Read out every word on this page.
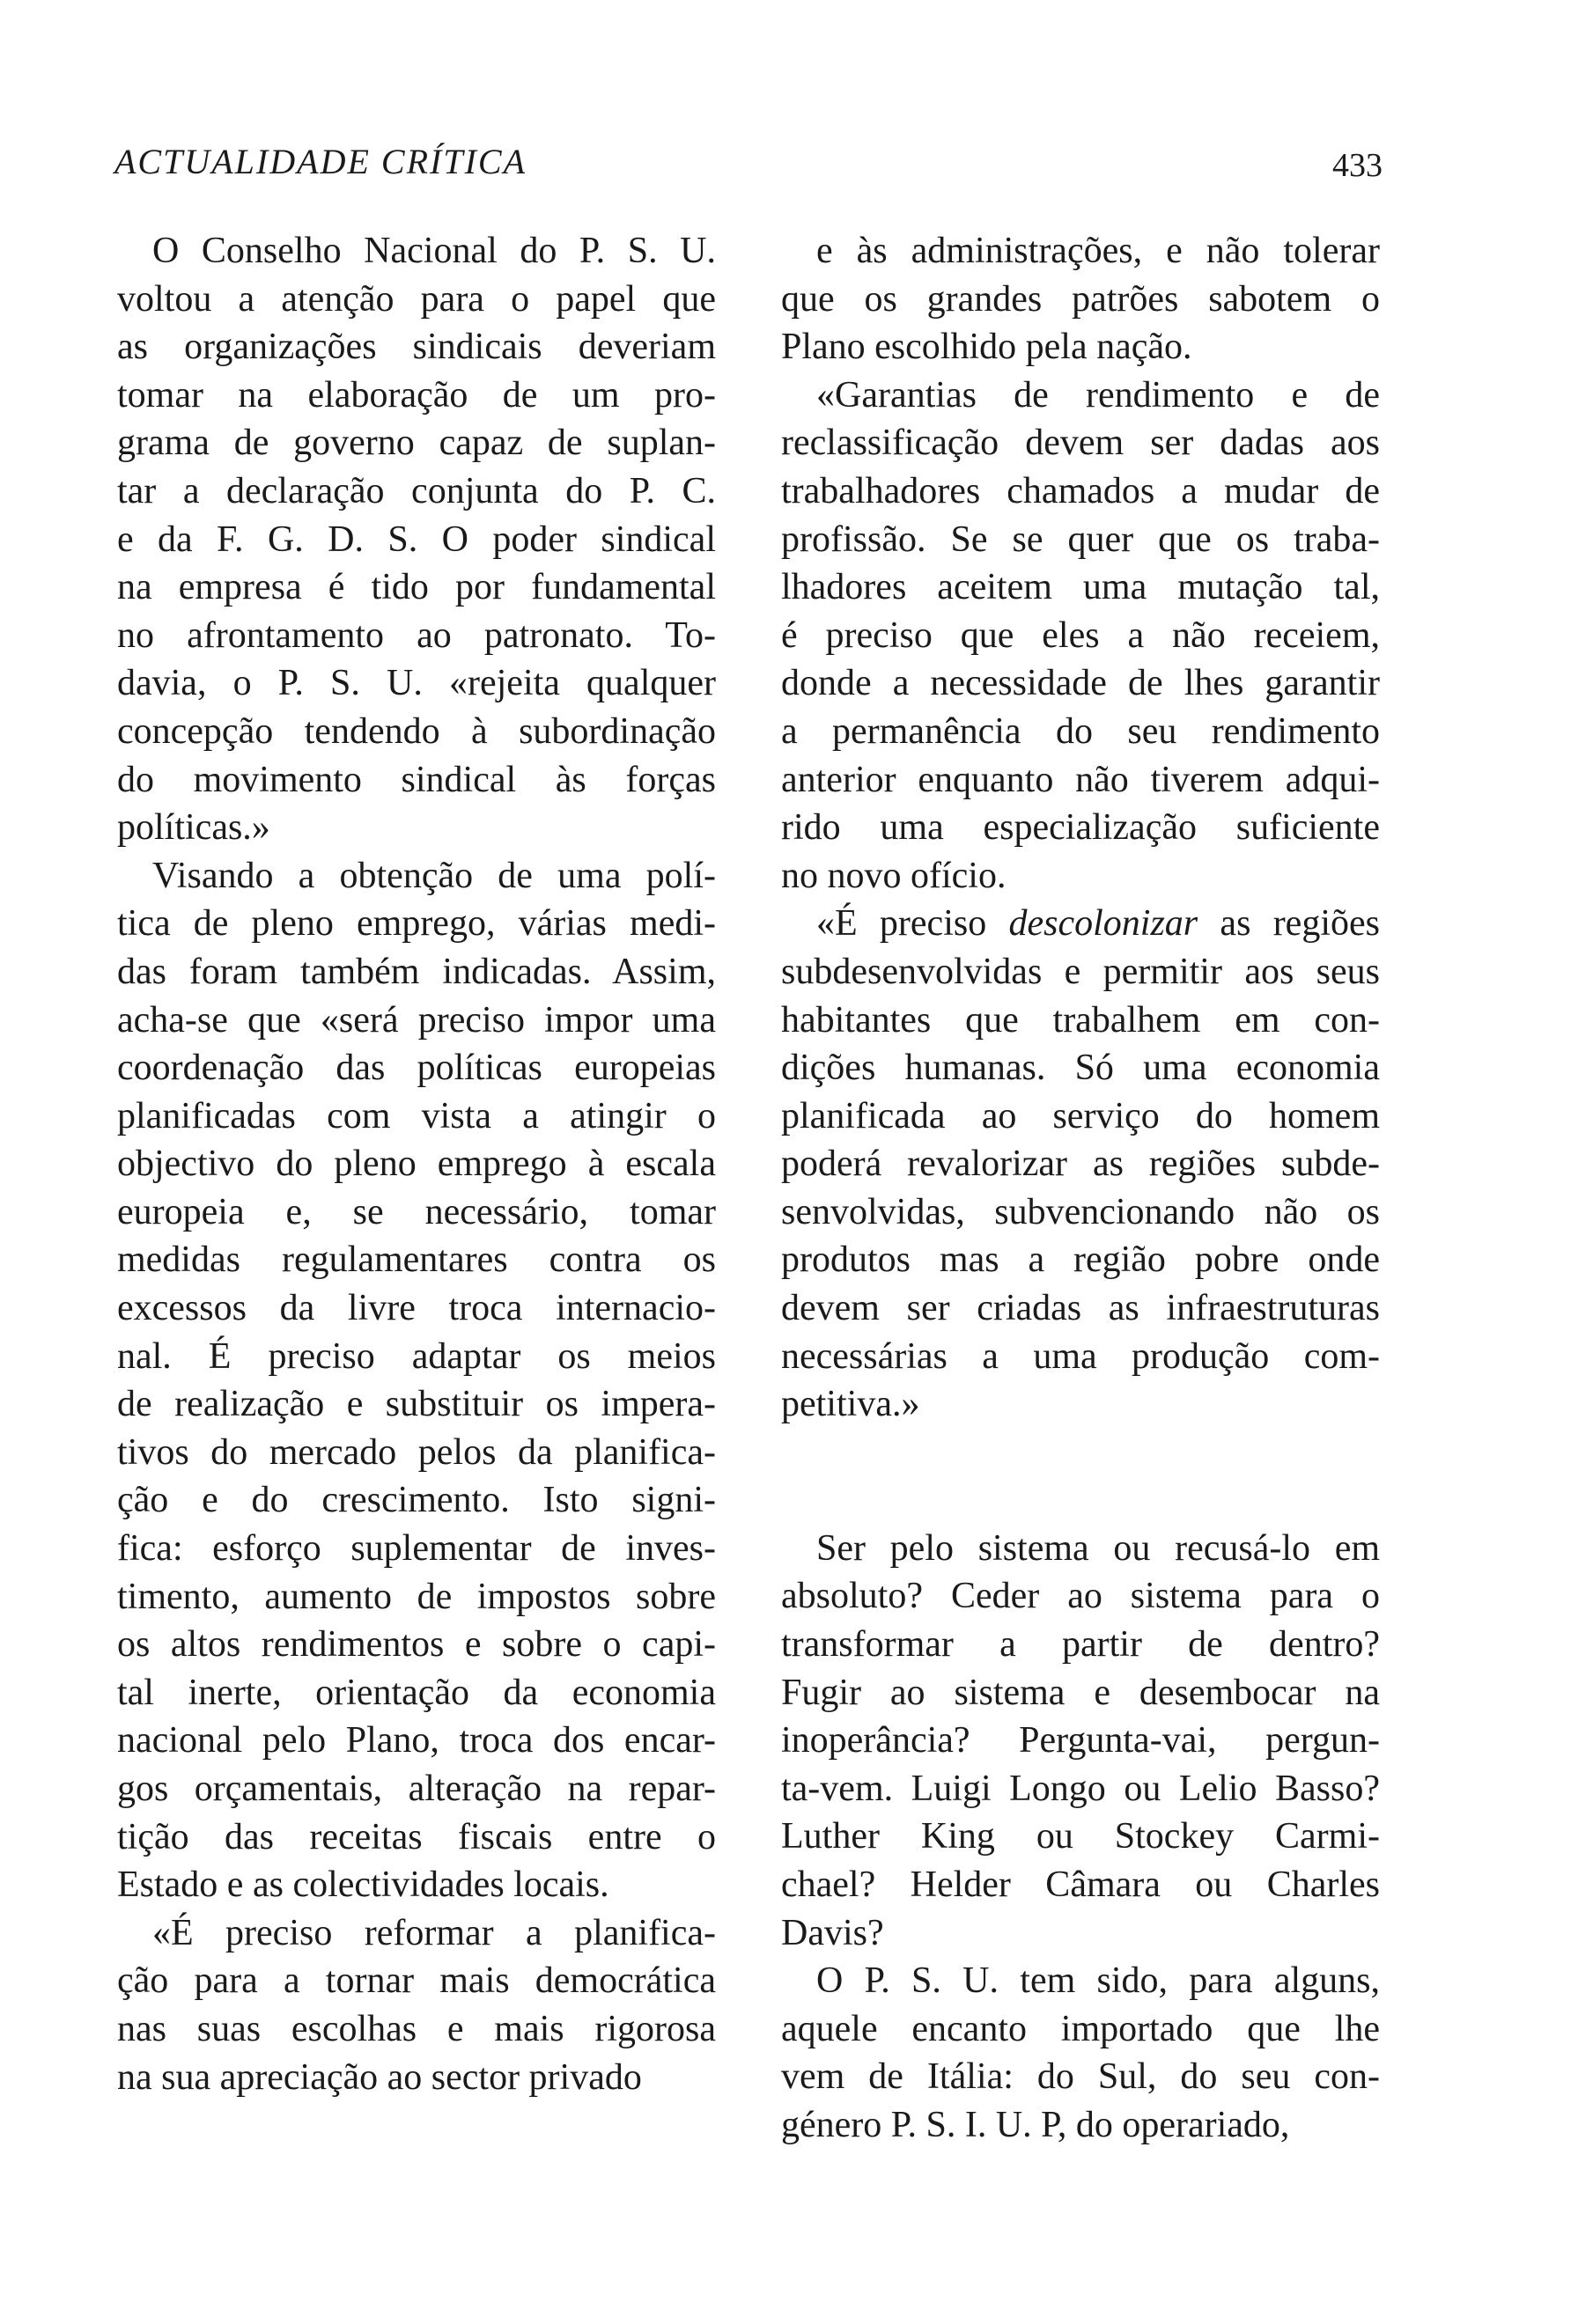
ACTUALIDADE CRÍTICA	433
O Conselho Nacional do P. S. U.
voltou a atenção para o papel que
as organizações sindicais deveriam
tomar na elaboração de um pro-
grama de governo capaz de suplan-
tar a declaração conjunta do P. C.
e da F. G. D. S. O poder sindical
na empresa é tido por fundamental
no afrontamento ao patronato. To-
davia, o P. S. U. «rejeita qualquer
concepção tendendo à subordinação
do movimento sindical às forças
políticas.»
Visando a obtenção de uma polí-
tica de pleno emprego, várias medi-
das foram também indicadas. Assim,
acha-se que «será preciso impor uma
coordenação das políticas europeias
planificadas com vista a atingir o
objectivo do pleno emprego à escala
europeia e, se necessário, tomar
medidas regulamentares contra os
excessos da livre troca internacio-
nal. É preciso adaptar os meios
de realização e substituir os impera-
tivos do mercado pelos da planifica-
ção e do crescimento. Isto signi-
fica: esforço suplementar de inves-
timento, aumento de impostos sobre
os altos rendimentos e sobre o capi-
tal inerte, orientação da economia
nacional pelo Plano, troca dos encar-
gos orçamentais, alteração na repar-
tição das receitas fiscais entre o
Estado e as colectividades locais.
«É preciso reformar a planifica-
ção para a tornar mais democrática
nas suas escolhas e mais rigorosa
na sua apreciação ao sector privado
e às administrações, e não tolerar
que os grandes patrões sabotem o
Plano escolhido pela nação.
«Garantias de rendimento e de
reclassificação devem ser dadas aos
trabalhadores chamados a mudar de
profissão. Se se quer que os traba-
lhadores aceitem uma mutação tal,
é preciso que eles a não receiem,
donde a necessidade de lhes garantir
a permanência do seu rendimento
anterior enquanto não tiverem adqui-
rido uma especialização suficiente
no novo ofício.
«É preciso descolonizar as regiões
subdesenvolvidas e permitir aos seus
habitantes que trabalhem em con-
dições humanas. Só uma economia
planificada ao serviço do homem
poderá revalorizar as regiões subde-
senvolvidas, subvencionando não os
produtos mas a região pobre onde
devem ser criadas as infraestruturas
necessárias a uma produção com-
petitiva.»
Ser pelo sistema ou recusá-lo em
absoluto? Ceder ao sistema para o
transformar a partir de dentro?
Fugir ao sistema e desembocar na
inoperância? Pergunta-vai, pergun-
ta-vem. Luigi Longo ou Lelio Basso?
Luther King ou Stockey Carmi-
chael? Helder Câmara ou Charles
Davis?
O P. S. U. tem sido, para alguns,
aquele encanto importado que lhe
vem de Itália: do Sul, do seu con-
género P. S. I. U. P, do operariado,
